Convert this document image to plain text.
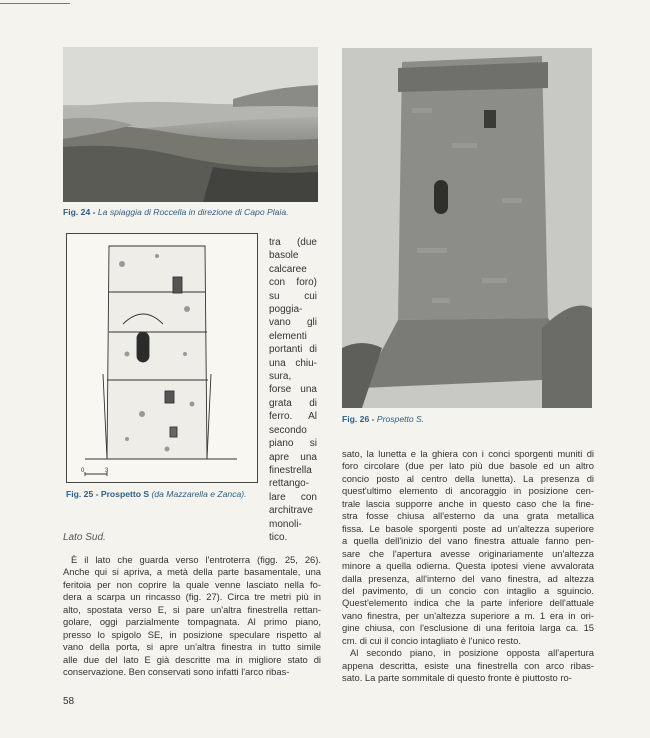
Fig. 24 - La spiaggia di Roccella in direzione di Capo Plaia.
0	3
Fig. 25 - Prospetto S (da Mazzarella e Zanca).
tra (due
basole
calcaree
con foro)
su cui
poggia-
vano gli
elementi
portanti di
una chiu-
sura,
forse una
grata di
ferro. Al
secondo
piano si
apre una
finestrella
rettango-
lare con
architrave
monoli-
tico.
Fig. 26 - Prospetto S.
Lato Sud.
È il lato che guarda verso l'entroterra (figg. 25, 26).
Anche qui si apriva, a metà della parte basamentale, una
feritoia per non coprire la quale venne lasciato nella fo-
dera a scarpa un rincasso (fig. 27). Circa tre metri più in
alto, spostata verso E, si pare un'altra finestrella rettan-
golare, oggi parzialmente tompagnata. Al primo piano,
presso lo spigolo SE, in posizione speculare rispetto al
vano della porta, si apre un'altra finestra in tutto simile
alle due del lato E già descritte ma in migliore stato di
conservazione. Ben conservati sono infatti l'arco ribas-
sato, la lunetta e la ghiera con i conci sporgenti muniti di
foro circolare (due per lato più due basole ed un altro
concio posto al centro della lunetta). La presenza di
quest'ultimo elemento di ancoraggio in posizione cen-
trale lascia supporre anche in questo caso che la fine-
stra fosse chiusa all'esterno da una grata metallica
fissa. Le basole sporgenti poste ad un'altezza superiore
a quella dell'inizio del vano finestra attuale fanno pen-
sare che l'apertura avesse originariamente un'altezza
minore a quella odierna. Questa ipotesi viene avvalorata
dalla presenza, all'interno del vano finestra, ad altezza
del pavimento, di un concio con intaglio a sguincio.
Quest'elemento indica che la parte inferiore dell'attuale
vano finestra, per un'altezza superiore a m. 1 era in ori-
gine chiusa, con l'esclusione di una feritoia larga ca. 15
cm. di cui il concio intagliato è l'unico resto.
Al secondo piano, in posizione opposta all'apertura
appena descritta, esiste una finestrella con arco ribas-
sato. La parte sommitale di questo fronte è piuttosto ro-
58
